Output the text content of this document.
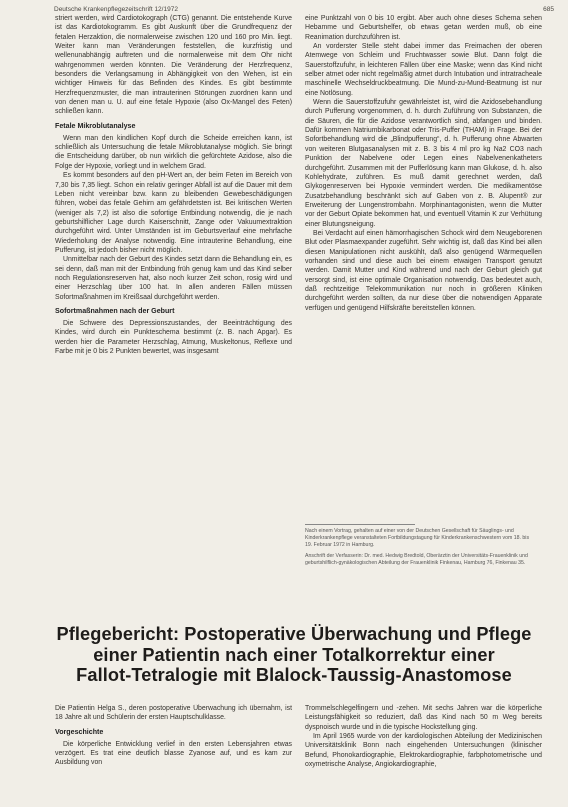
Deutsche Krankenpflegezeitschrift 12/1972	685

striert werden, wird Cardiotokograph (CTG) genannt. Die entstehende Kurve ist das Kardiotokogramm. Es gibt Auskunft über die Grundfrequenz der fetalen Herzaktion, die normalerweise zwischen 120 und 160 pro Min. liegt. Weiter kann man Veränderungen feststellen, die kurzfristig und wellenunabhängig auftreten und die normalerweise mit dem Ohr nicht wahrgenommen werden könnten. Die Veränderung der Herzfrequenz, besonders die Verlangsamung in Abhängigkeit von den Wehen, ist ein wichtiger Hinweis für das Befinden des Kindes. Es gibt bestimmte Herzfrequenzmuster, die man intrauterinen Störungen zuordnen kann und von denen man u. U. auf eine fetale Hypoxie (also Ox-Mangel des Feten) schließen kann.

Fetale Mikroblutanalyse

Wenn man den kindlichen Kopf durch die Scheide erreichen kann, ist schließlich als Untersuchung die fetale Mikroblutanalyse möglich. Sie bringt die Entscheidung darüber, ob nun wirklich die gefürchtete Azidose, also die Folge der Hypoxie, vorliegt und in welchem Grad.

Es kommt besonders auf den pH-Wert an, der beim Feten im Bereich von 7,30 bis 7,35 liegt. Schon ein relativ geringer Abfall ist auf die Dauer mit dem Leben nicht vereinbar bzw. kann zu bleibenden Gewebeschädigungen führen, wobei das fetale Gehirn am gefährdetsten ist. Bei kritischen Werten (weniger als 7,2) ist also die sofortige Entbindung notwendig, die je nach geburtshilflicher Lage durch Kaiserschnitt, Zange oder Vakuumextraktion durchgeführt wird. Unter Umständen ist im Geburtsverlauf eine mehrfache Wiederholung der Analyse notwendig. Eine intrauterine Behandlung, eine Pufferung, ist jedoch bisher nicht möglich.

Unmittelbar nach der Geburt des Kindes setzt dann die Behandlung ein, es sei denn, daß man mit der Entbindung früh genug kam und das Kind selber noch Regulationsreserven hat, also noch kurzer Zeit schon, rosig wird und einer Herzschlag über 100 hat. In allen anderen Fällen müssen Sofortmaßnahmen im Kreißsaal durchgeführt werden.

Sofortmaßnahmen nach der Geburt

Die Schwere des Depressionszustandes, der Beeinträchtigung des Kindes, wird durch ein Punkteschema bestimmt (z. B. nach Apgar). Es werden hier die Parameter Herzschlag, Atmung, Muskeltonus, Reflexe und Farbe mit je 0 bis 2 Punkten bewertet, was insgesamt

eine Punktzahl von 0 bis 10 ergibt. Aber auch ohne dieses Schema sehen Hebamme und Geburtshelfer, ob etwas getan werden muß, ob eine Reanimation durchzuführen ist.

An vorderster Stelle steht dabei immer das Freimachen der oberen Atemwege von Schleim und Fruchtwasser sowie Blut. Dann folgt die Sauerstoffzufuhr, in leichteren Fällen über eine Maske; wenn das Kind nicht selber atmet oder nicht regelmäßig atmet durch Intubation und intratracheale maschinelle Wechseldruckbeatmung. Die Mund-zu-Mund-Beatmung ist nur eine Notlösung.

Wenn die Sauerstoffzufuhr gewährleistet ist, wird die Azidosebehandlung durch Pufferung vorgenommen, d. h. durch Zuführung von Substanzen, die die Säuren, die für die Azidose verantwortlich sind, abfangen und binden. Dafür kommen Natriumbikarbonat oder Tris-Puffer (THAM) in Frage. Bei der Sofortbehandlung wird die „Blindpufferung“, d. h. Pufferung ohne Abwarten von weiteren Blutgasanalysen mit z. B. 3 bis 4 ml pro kg Na2 CO3 nach Punktion der Nabelvene oder Legen eines Nabelvenenkatheters durchgeführt. Zusammen mit der Pufferlösung kann man Glukose, d. h. also Kohlehydrate, zuführen. Es muß damit gerechnet werden, daß Glykogenreserven bei Hypoxie vermindert werden. Die medikamentöse Zusatzbehandlung beschränkt sich auf Gaben von z. B. Alupent® zur Erweiterung der Lungenstrombahn. Morphinantagonisten, wenn die Mutter vor der Geburt Opiate bekommen hat, und eventuell Vitamin K zur Verhütung einer Blutungsneigung.

Bei Verdacht auf einen hämorrhagischen Schock wird dem Neugeborenen Blut oder Plasmaexpander zugeführt. Sehr wichtig ist, daß das Kind bei allen diesen Manipulationen nicht auskühlt, daß also genügend Wärmequellen vorhanden sind und diese auch bei einem etwaigen Transport genutzt werden. Damit Mutter und Kind während und nach der Geburt gleich gut versorgt sind, ist eine optimale Organisation notwendig. Das bedeutet auch, daß rechtzeitige Telekommunikation nur noch in größeren Kliniken durchgeführt werden sollten, da nur diese über die notwendigen Apparate verfügen und genügend Hilfskräfte bereitstellen können.

Nach einem Vortrag, gehalten auf einer von der Deutschen Gesellschaft für Säuglings- und Kinderkrankenpflege veranstalteten Fortbildungstagung für Kinderkrankenschwestern vom 18. bis 19. Februar 1972 in Hamburg.

Anschrift der Verfasserin: Dr. med. Hedwig Bredtold, Oberärztin der Universitäts-Frauenklinik und geburtshilflich-gynäkologischen Abteilung der Frauenklinik Finkenau, Hamburg 76, Finkenau 35.

Pflegebericht: Postoperative Überwachung und Pflege
einer Patientin nach einer Totalkorrektur einer
Fallot-Tetralogie mit Blalock-Taussig-Anastomose

Die Patientin Helga S., deren postoperative Überwachung ich übernahm, ist 18 Jahre alt und Schülerin der ersten Hauptschulklasse.

Vorgeschichte

Die körperliche Entwicklung verlief in den ersten Lebensjahren etwas verzögert. Es trat eine deutlich blasse Zyanose auf, und es kam zur Ausbildung von

Trommelschlegelfingern und -zehen. Mit sechs Jahren war die körperliche Leistungsfähigkeit so reduziert, daß das Kind nach 50 m Weg bereits dyspnoisch wurde und in die typische Hockstellung ging.

Im April 1965 wurde von der kardiologischen Abteilung der Medizinischen Universitätsklinik Bonn nach eingehenden Untersuchungen (klinischer Befund, Phonokardiographie, Elektrokardiographie, farbphotometrische und oxymetrische Analyse, Angiokardiographie,
